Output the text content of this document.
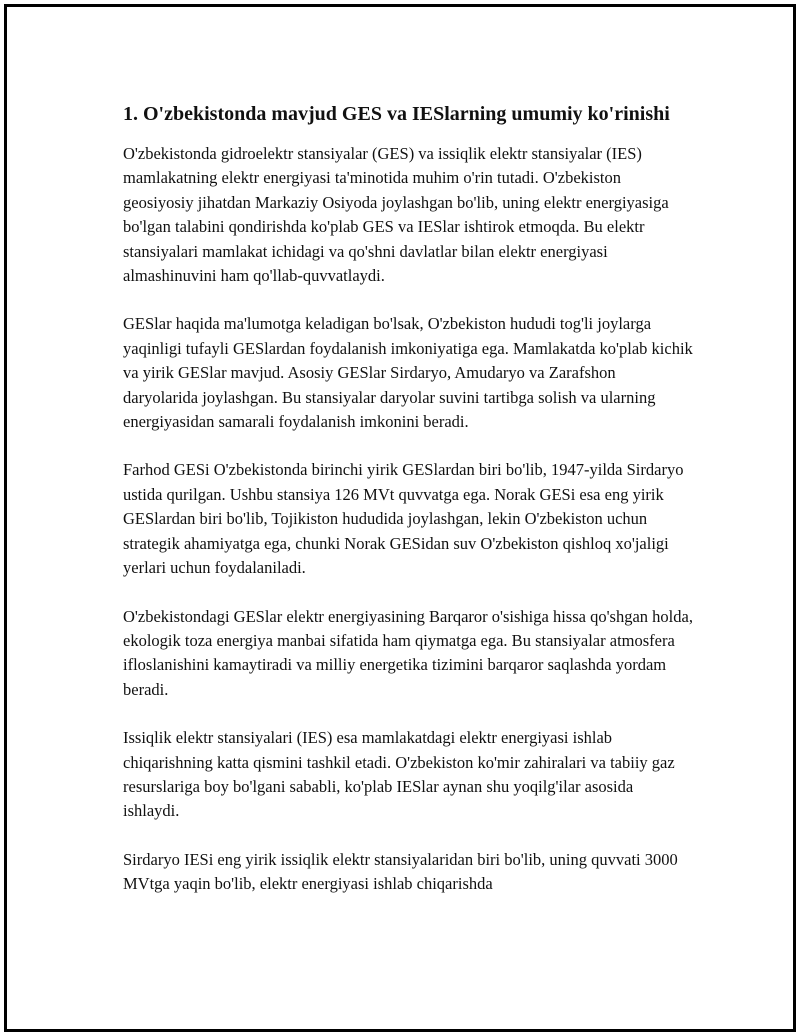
1. O'zbekistonda mavjud GES va IESlarning umumiy ko'rinishi

O'zbekistonda gidroelektr stansiyalar (GES) va issiqlik elektr stansiyalar (IES) mamlakatning elektr energiyasi ta'minotida muhim o'rin tutadi. O'zbekiston geosiyosiy jihatdan Markaziy Osiyoda joylashgan bo'lib, uning elektr energiyasiga bo'lgan talabini qondirishda ko'plab GES va IESlar ishtirok etmoqda. Bu elektr stansiyalari mamlakat ichidagi va qo'shni davlatlar bilan elektr energiyasi almashinuvini ham qo'llab-quvvatlaydi.

GESlar haqida ma'lumotga keladigan bo'lsak, O'zbekiston hududi tog'li joylarga yaqinligi tufayli GESlardan foydalanish imkoniyatiga ega. Mamlakatda ko'plab kichik va yirik GESlar mavjud. Asosiy GESlar Sirdaryo, Amudaryo va Zarafshon daryolarida joylashgan. Bu stansiyalar daryolar suvini tartibga solish va ularning energiyasidan samarali foydalanish imkonini beradi.

Farhod GESi O'zbekistonda birinchi yirik GESlardan biri bo'lib, 1947-yilda Sirdaryo ustida qurilgan. Ushbu stansiya 126 MVt quvvatga ega. Norak GESi esa eng yirik GESlardan biri bo'lib, Tojikiston hududida joylashgan, lekin O'zbekiston uchun strategik ahamiyatga ega, chunki Norak GESidan suv O'zbekiston qishloq xo'jaligi yerlari uchun foydalaniladi.

O'zbekistondagi GESlar elektr energiyasining Barqaror o'sishiga hissa qo'shgan holda, ekologik toza energiya manbai sifatida ham qiymatga ega. Bu stansiyalar atmosfera ifloslanishini kamaytiradi va milliy energetika tizimini barqaror saqlashda yordam beradi.

Issiqlik elektr stansiyalari (IES) esa mamlakatdagi elektr energiyasi ishlab chiqarishning katta qismini tashkil etadi. O'zbekiston ko'mir zahiralari va tabiiy gaz resurslariga boy bo'lgani sababli, ko'plab IESlar aynan shu yoqilg'ilar asosida ishlaydi.

Sirdaryo IESi eng yirik issiqlik elektr stansiyalaridan biri bo'lib, uning quvvati 3000 MVtga yaqin bo'lib, elektr energiyasi ishlab chiqarishda
